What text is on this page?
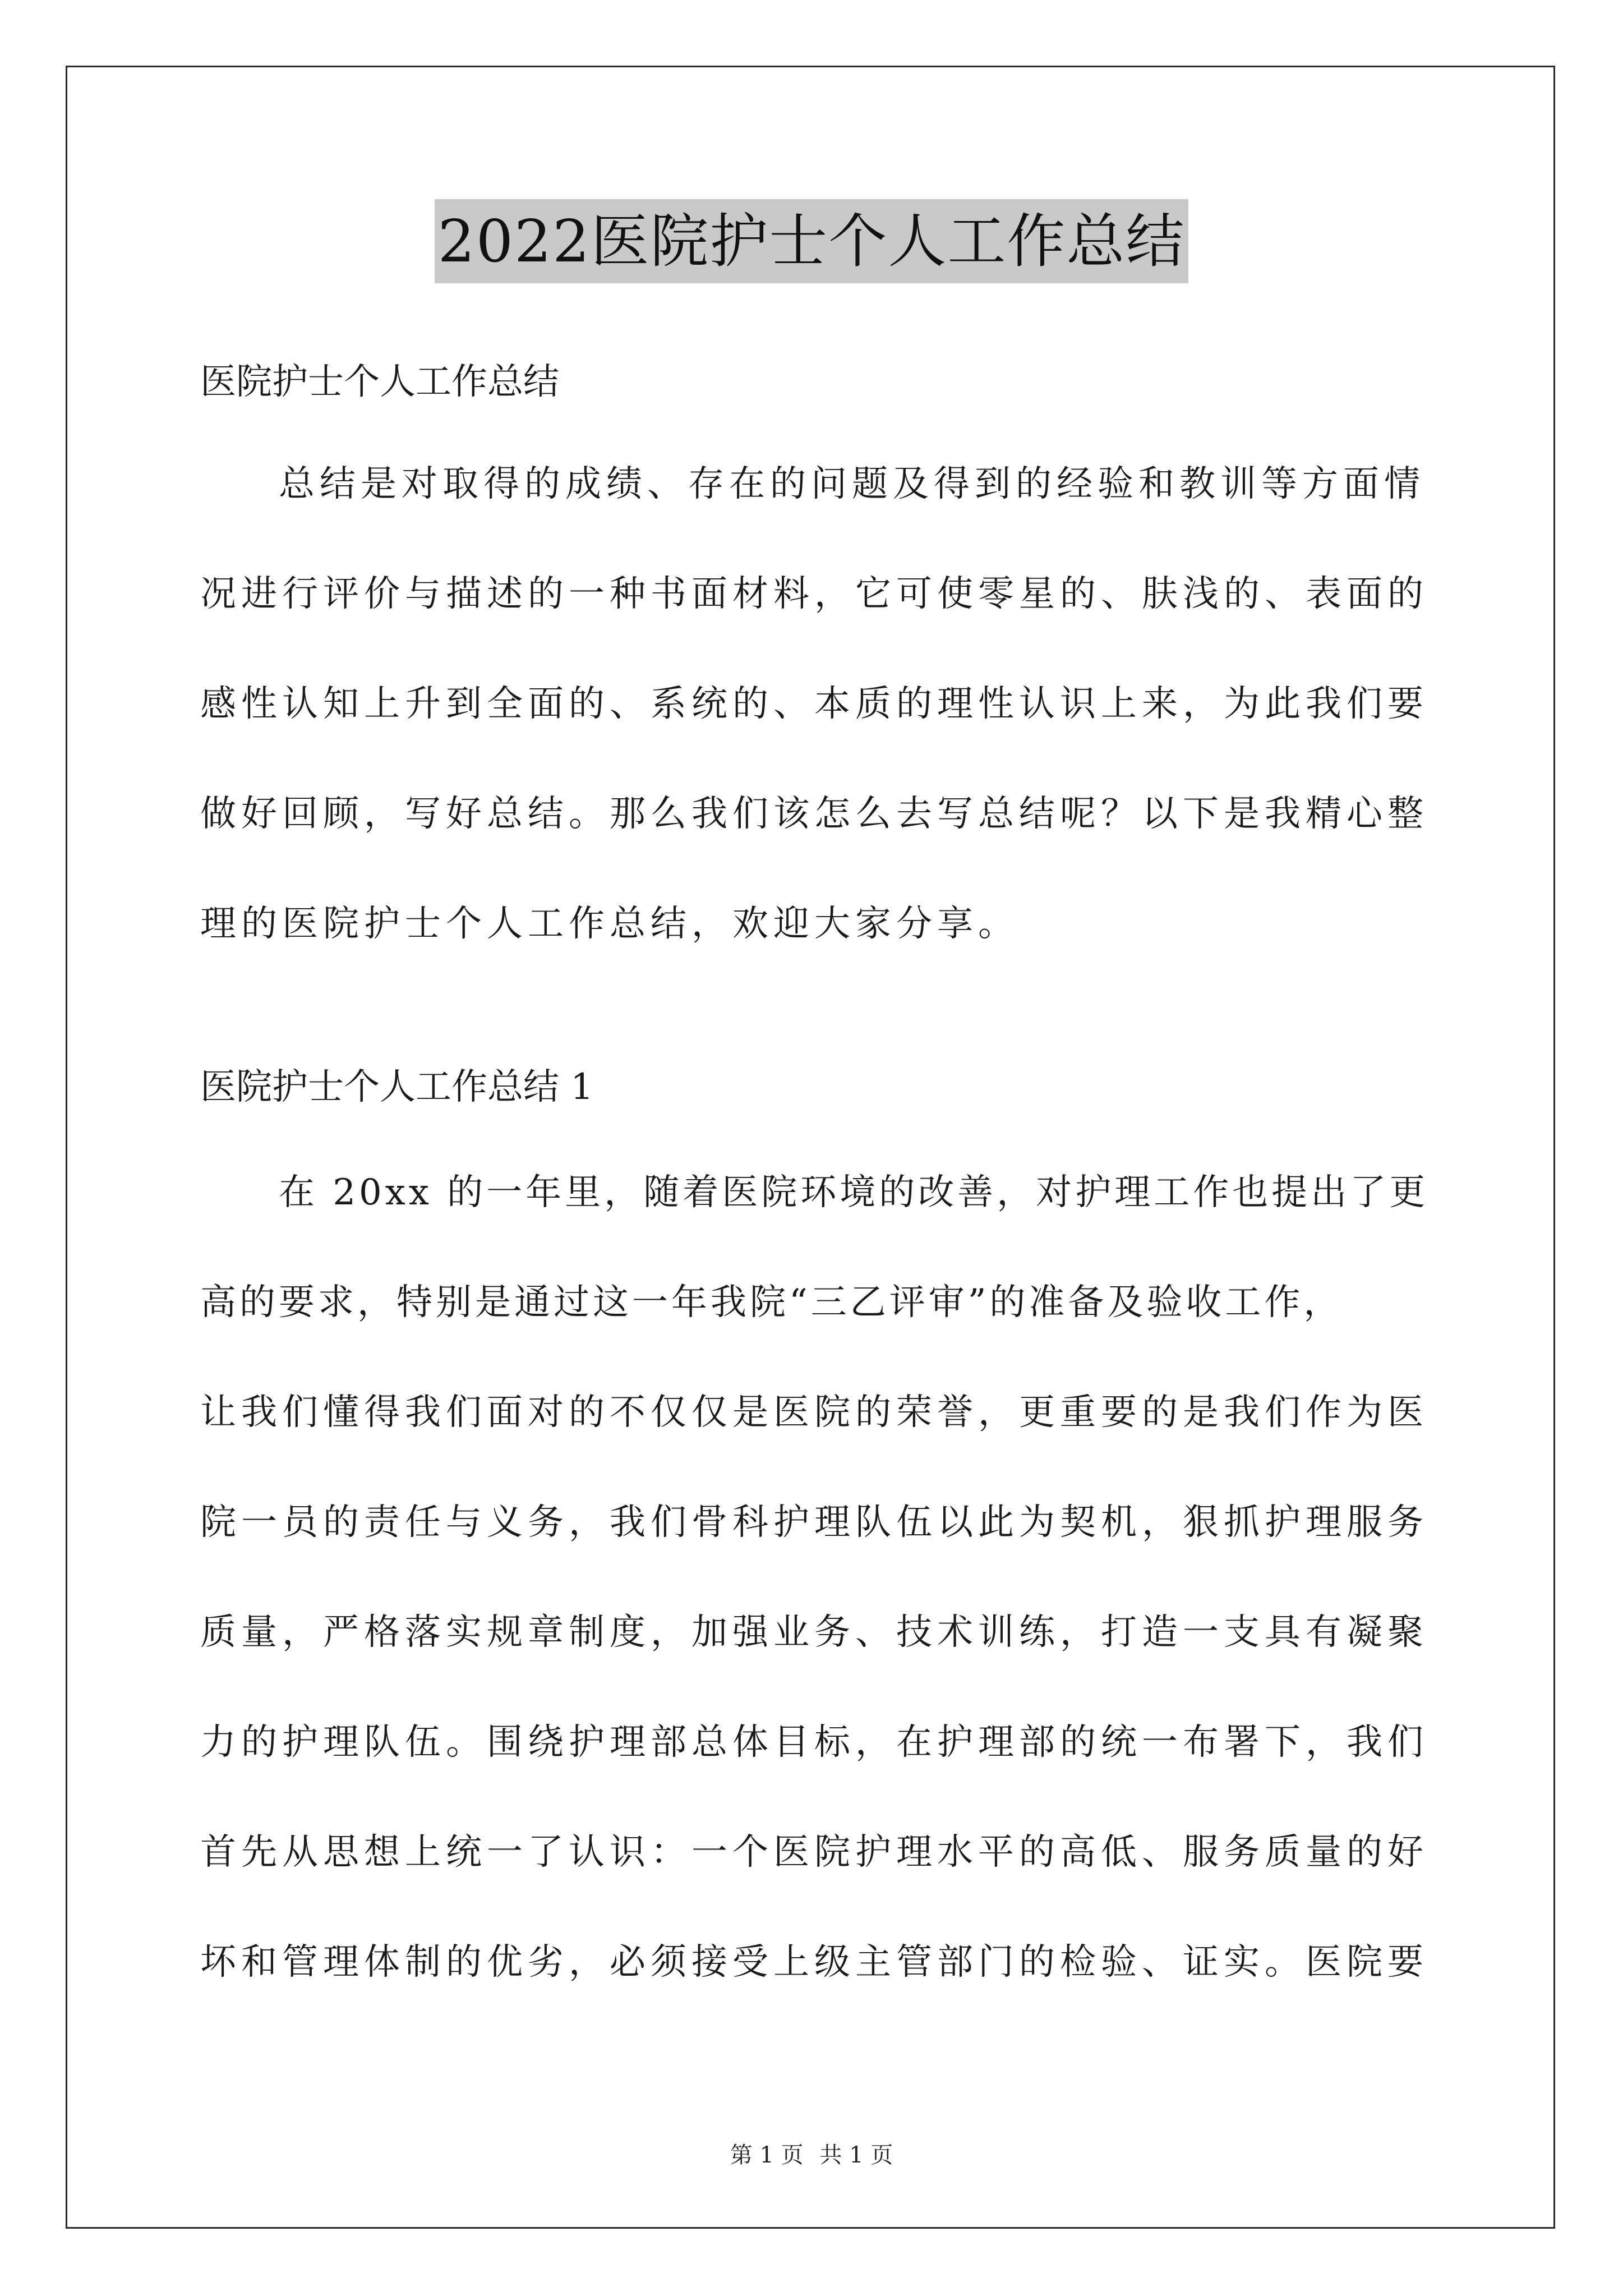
2022医院护士个人工作总结

医院护士个人工作总结

总结是对取得的成绩、存在的问题及得到的经验和教训等方面情
况进行评价与描述的一种书面材料，它可使零星的、肤浅的、表面的
感性认知上升到全面的、系统的、本质的理性认识上来，为此我们要
做好回顾，写好总结。那么我们该怎么去写总结呢？以下是我精心整
理的医院护士个人工作总结，欢迎大家分享。

医院护士个人工作总结 1

在 20xx 的一年里，随着医院环境的改善，对护理工作也提出了更
高的要求，特别是通过这一年我院“三乙评审”的准备及验收工作，
让我们懂得我们面对的不仅仅是医院的荣誉，更重要的是我们作为医
院一员的责任与义务，我们骨科护理队伍以此为契机，狠抓护理服务
质量，严格落实规章制度，加强业务、技术训练，打造一支具有凝聚
力的护理队伍。围绕护理部总体目标，在护理部的统一布署下，我们
首先从思想上统一了认识：一个医院护理水平的高低、服务质量的好
坏和管理体制的优劣，必须接受上级主管部门的检验、证实。医院要
第 1 页 共 1 页
